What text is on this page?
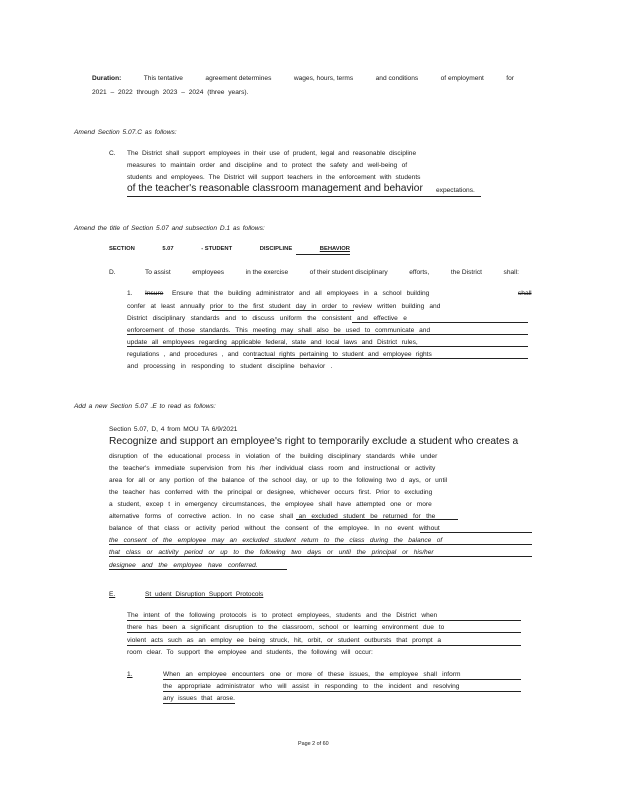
Duration:	This tentative	agreement determines	wages, hours, terms	and conditions	of employment	for
2021 – 2022 through 2023 – 2024 (three years).
Amend Section 5.07.C as follows:
C. The District shall support employees in their use of prudent, legal and reasonable discipline
measures to maintain order and discipline and to protect the safety and well-being of
students and employees. The District will support teachers in the enforcement with students
of the teacher's reasonable classroom management and behavior expectations.
Amend the title of Section 5.07 and subsection D.1 as follows:
SECTION	5.07	- STUDENT	DISCIPLINE	BEHAVIOR
D.	To assist	employees	in the exercise	of their student disciplinary	efforts,	the District	shall:
1. Insure Ensure that the building administrator and all employees in a school building	shall
confer at least annually prior to the first student day in order to review written building and
District disciplinary standards and to discuss uniform the consistent and effective e
enforcement of those standards. This meeting may shall also be used to communicate and
update all employees regarding applicable federal, state and local laws and District rules,
regulations , and procedures , and contractual rights pertaining to student and employee rights
and processing in responding to student discipline behavior .
Add a new Section 5.07 .E to read as follows:
Section 5.07, D, 4 from MOU TA 6/9/2021
Recognize and support an employee's right to temporarily exclude a student who creates a
disruption of the educational process in violation of the building disciplinary standards while under
the teacher's immediate supervision from his /her individual class room and instructional or activity
area for all or any portion of the balance of the school day, or up to the following two d ays, or until
the teacher has conferred with the principal or designee, whichever occurs first. Prior to excluding
a student, excep t in emergency circumstances, the employee shall have attempted one or more
alternative forms of corrective action. In no case shall an excluded student be returned for the
balance of that class or activity period without the consent of the employee. In no event without
the consent of the employee may an excluded student return to the class during the balance of
that class or activity period or up to the following two days or until the principal or his/her
designee and the employee have conferred.
E.	St udent Disruption Support Protocols
The intent of the following protocols is to protect employees, students and the District when
there has been a significant disruption to the classroom, school or learning environment due to
violent acts such as an employ ee being struck, hit, orbit, or student outbursts that prompt a
room clear. To support the employee and students, the following will occur:
1.	When an employee encounters one or more of these issues, the employee shall inform
the appropriate administrator who will assist in responding to the incident and resolving
any issues that arose.
Page 2 of 60
